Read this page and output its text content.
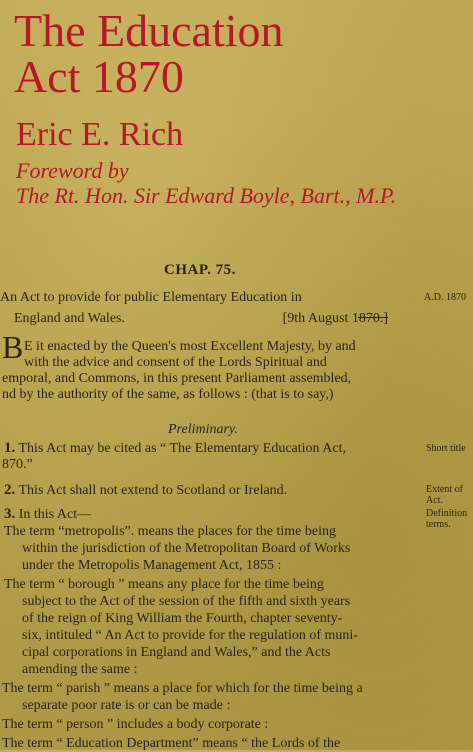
The Education
Act 1870
Eric E. Rich
Foreword by
The Rt. Hon. Sir Edward Boyle, Bart., M.P.
CHAP. 75.
An Act to provide for public Elementary Education in	A.D. 1870
England and Wales.	[9th August 1870.]
B E it enacted by the Queen's most Excellent Majesty, by and
with the advice and consent of the Lords Spiritual and
emporal, and Commons, in this present Parliament assembled,
nd by the authority of the same, as follows : (that is to say,)
Preliminary.
1. This Act may be cited as “ The Elementary Education Act,
870.”
Short title
2. This Act shall not extend to Scotland or Ireland.	Extent of
Act.
3. In this Act—	Definition
terms.
The term “metropolis”. means the places for the time being
within the jurisdiction of the Metropolitan Board of Works
under the Metropolis Management Act, 1855 :
The term “ borough ” means any place for the time being
subject to the Act of the session of the fifth and sixth years
of the reign of King William the Fourth, chapter seventy-
six, intituled “ An Act to provide for the regulation of muni-
cipal corporations in England and Wales,” and the Acts
amending the same :
The term “ parish ” means a place for which for the time being a
separate poor rate is or can be made :
The term “ person ” includes a body corporate :
The term “ Education Department” means “ the Lords of the
